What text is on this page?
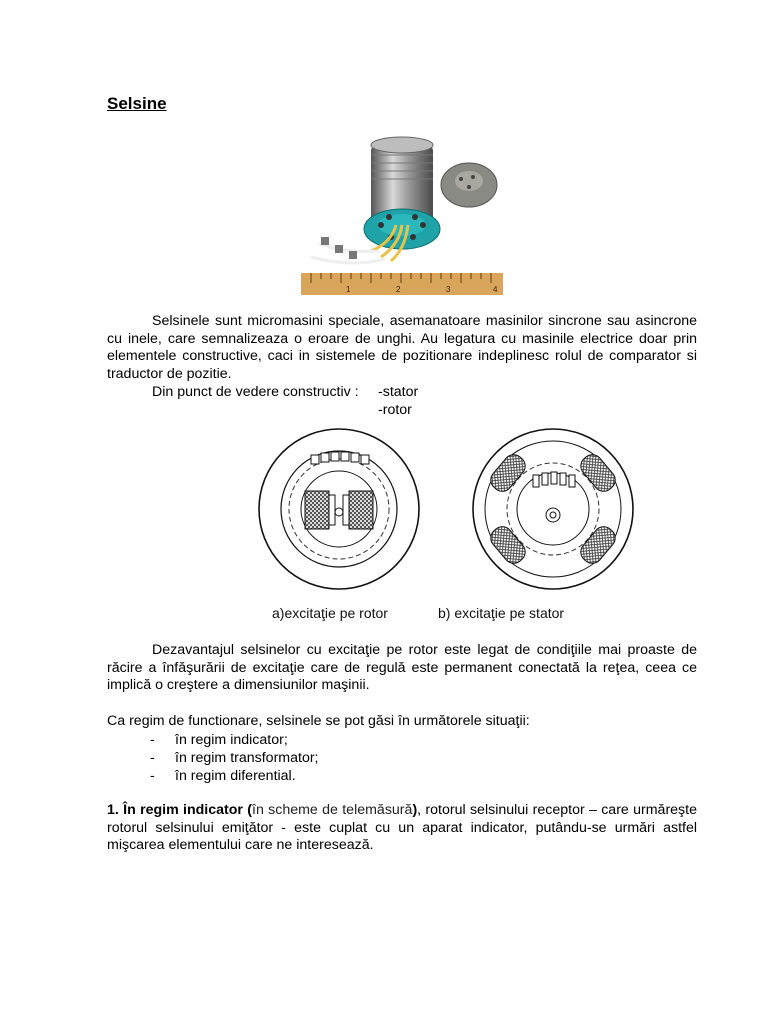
Selsine
1	2	3	4
Selsinele sunt micromasini speciale, asemanatoare masinilor sincrone sau asincrone cu inele, care semnalizeaza o eroare de unghi. Au legatura cu masinile electrice doar prin elementele constructive, caci in sistemele de pozitionare indeplinesc rolul de comparator si traductor de pozitie.
Din punct de vedere constructiv : -stator
-rotor
a)excitaţie pe rotor	b) excitaţie pe stator
Dezavantajul selsinelor cu excitaţie pe rotor este legat de condiţiile mai proaste de răcire a înfăşurării de excitaţie care de regulă este permanent conectată la reţea, ceea ce implică o creştere a dimensiunilor maşinii.
Ca regim de functionare, selsinele se pot găsi în următorele situaţii:
- în regim indicator;
- în regim transformator;
- în regim diferential.
1. În regim indicator (în scheme de telemăsură), rotorul selsinului receptor – care urmăreşte rotorul selsinului emiţător - este cuplat cu un aparat indicator, putându-se urmări astfel mişcarea elementului care ne interesează.
